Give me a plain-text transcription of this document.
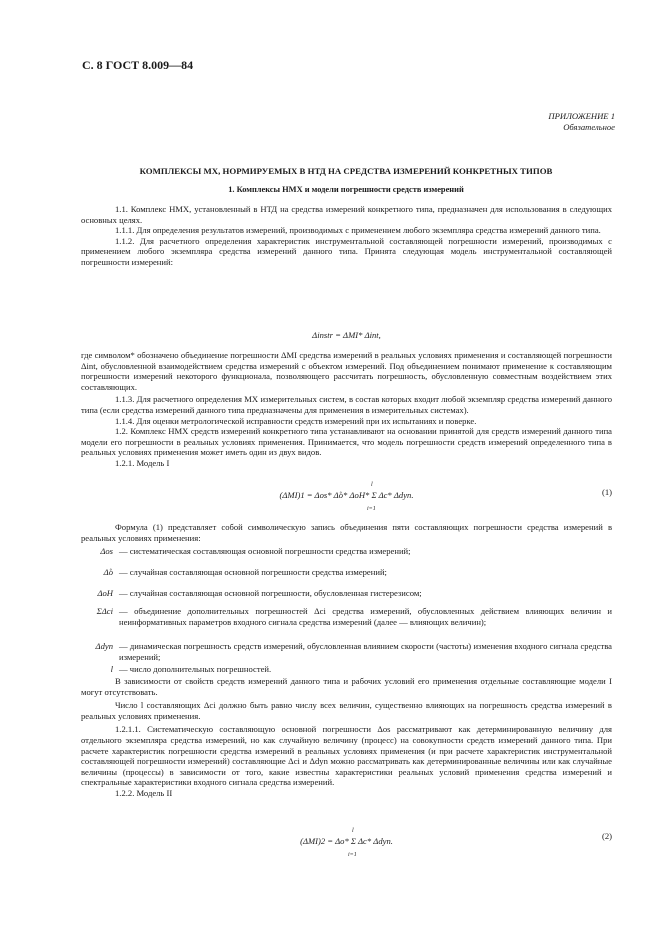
С. 8 ГОСТ 8.009—84
ПРИЛОЖЕНИЕ 1
Обязательное
КОМПЛЕКСЫ МХ, НОРМИРУЕМЫХ В НТД НА СРЕДСТВА ИЗМЕРЕНИЙ КОНКРЕТНЫХ ТИПОВ
1. Комплексы НМХ и модели погрешности средств измерений

1.1. Комплекс НМХ, установленный в НТД на средства измерений конкретного типа, предназначен для использования в следующих основных целях.

1.1.1. Для определения результатов измерений, производимых с применением любого экземпляра средства измерений данного типа.

1.1.2. Для расчетного определения характеристик инструментальной составляющей погрешности измерений, производимых с применением любого экземпляра средства измерений данного типа. Принята следующая модель инструментальной составляющей погрешности измерений:

Δinstr = ΔMI* Δint,

где символом* обозначено объединение погрешности ΔMI средства измерений в реальных условиях применения и составляющей погрешности Δint, обусловленной взаимодействием средства измерений с объектом измерений. Под объединением понимают применение к составляющим погрешности измерений некоторого функционала, позволяющего рассчитать погрешность, обусловленную совместным воздействием этих составляющих.

1.1.3. Для расчетного определения МХ измерительных систем, в состав которых входит любой экземпляр средства измерений данного типа (если средства измерений данного типа предназначены для применения в измерительных системах).

1.1.4. Для оценки метрологической исправности средств измерений при их испытаниях и поверке.

1.2. Комплекс НМХ средств измерений конкретного типа устанавливают на основании принятой для средств измерений данного типа модели его погрешности в реальных условиях применения. Принимается, что модель погрешности средств измерений определенного типа в реальных условиях применения может иметь один из двух видов.

1.2.1. Модель I

(ΔMI)1 = Δos* Δ̊o* ΔoH* Σ Δc* Δdyn.	(1)
l
i=1

Формула (1) представляет собой символическую запись объединения пяти составляющих погрешности средства измерений в реальных условиях применения:

Δos — систематическая составляющая основной погрешности средства измерений;
Δ̊o — случайная составляющая основной погрешности средства измерений;
ΔoH — случайная составляющая основной погрешности, обусловленная гистерезисом;
ΣΔci — объединение дополнительных погрешностей Δci средства измерений, обусловленных действием влияющих величин и неинформативных параметров входного сигнала средства измерений (далее — влияющих величин);
Δdyn — динамическая погрешность средств измерений, обусловленная влиянием скорости (частоты) изменения входного сигнала средства измерений;
l — число дополнительных погрешностей.

В зависимости от свойств средств измерений данного типа и рабочих условий его применения отдельные составляющие модели I могут отсутствовать.

Число l составляющих Δci должно быть равно числу всех величин, существенно влияющих на погрешность средства измерений в реальных условиях применения.

1.2.1.1. Систематическую составляющую основной погрешности Δos рассматривают как детерминированную величину для отдельного экземпляра средства измерений, но как случайную величину (процесс) на совокупности средств измерений данного типа. При расчете характеристик погрешности средства измерений в реальных условиях применения (и при расчете характеристик инструментальной составляющей погрешности измерений) составляющие Δci и Δdyn можно рассматривать как детерминированные величины или как случайные величины (процессы) в зависимости от того, какие известны характеристики реальных условий применения средства измерений и спектральные характеристики входного сигнала средства измерений.

1.2.2. Модель II

(ΔMI)2 = Δo* Σ Δc* Δdyn.	(2)
l
i=1
